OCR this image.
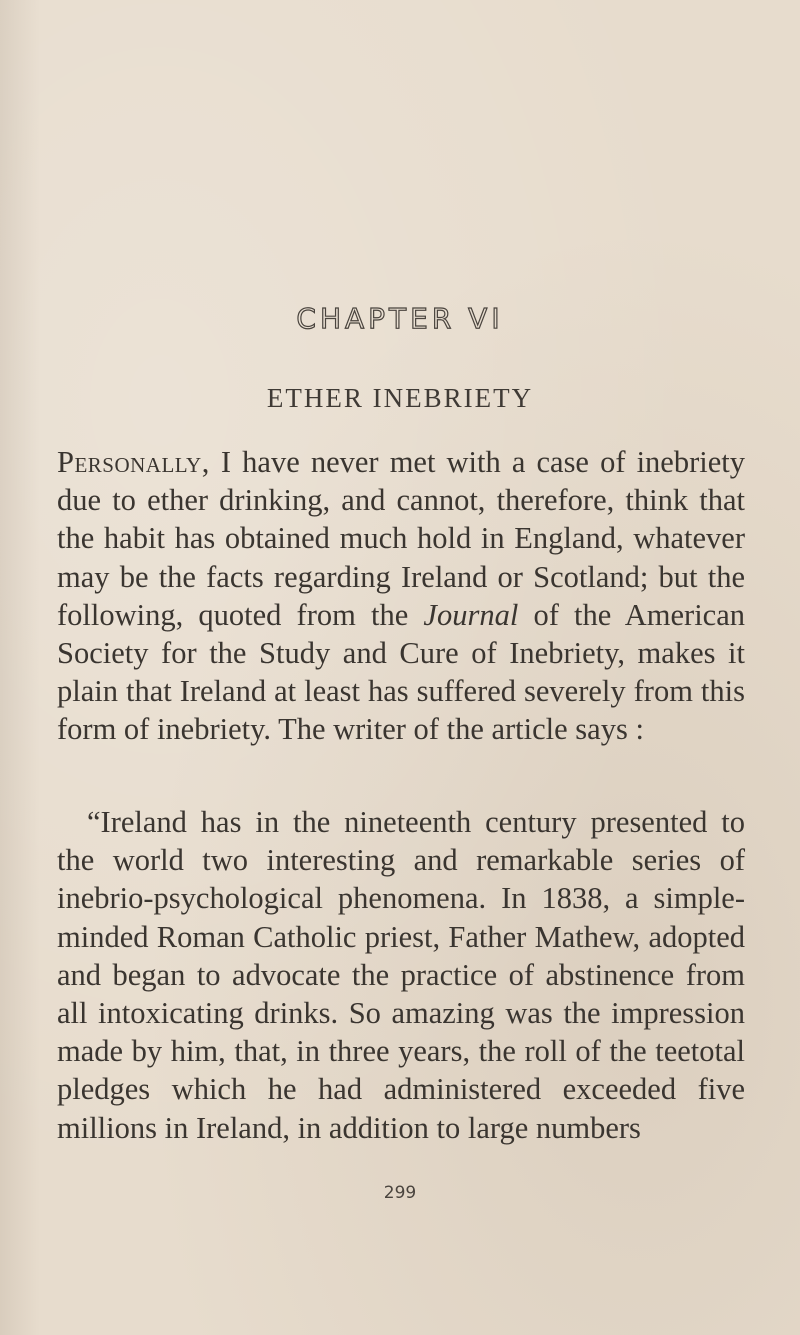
CHAPTER VI
ETHER INEBRIETY

Personally, I have never met with a case of inebriety due to ether drinking, and cannot, therefore, think that the habit has obtained much hold in England, whatever may be the facts regarding Ireland or Scotland; but the following, quoted from the Journal of the American Society for the Study and Cure of Inebriety, makes it plain that Ireland at least has suffered severely from this form of inebriety. The writer of the article says :

“Ireland has in the nineteenth century presented to the world two interesting and remarkable series of inebrio-psychological phenomena. In 1838, a simple-minded Roman Catholic priest, Father Mathew, adopted and began to advocate the practice of abstinence from all intoxicating drinks. So amazing was the impression made by him, that, in three years, the roll of the teetotal pledges which he had administered exceeded five millions in Ireland, in addition to large numbers

299
